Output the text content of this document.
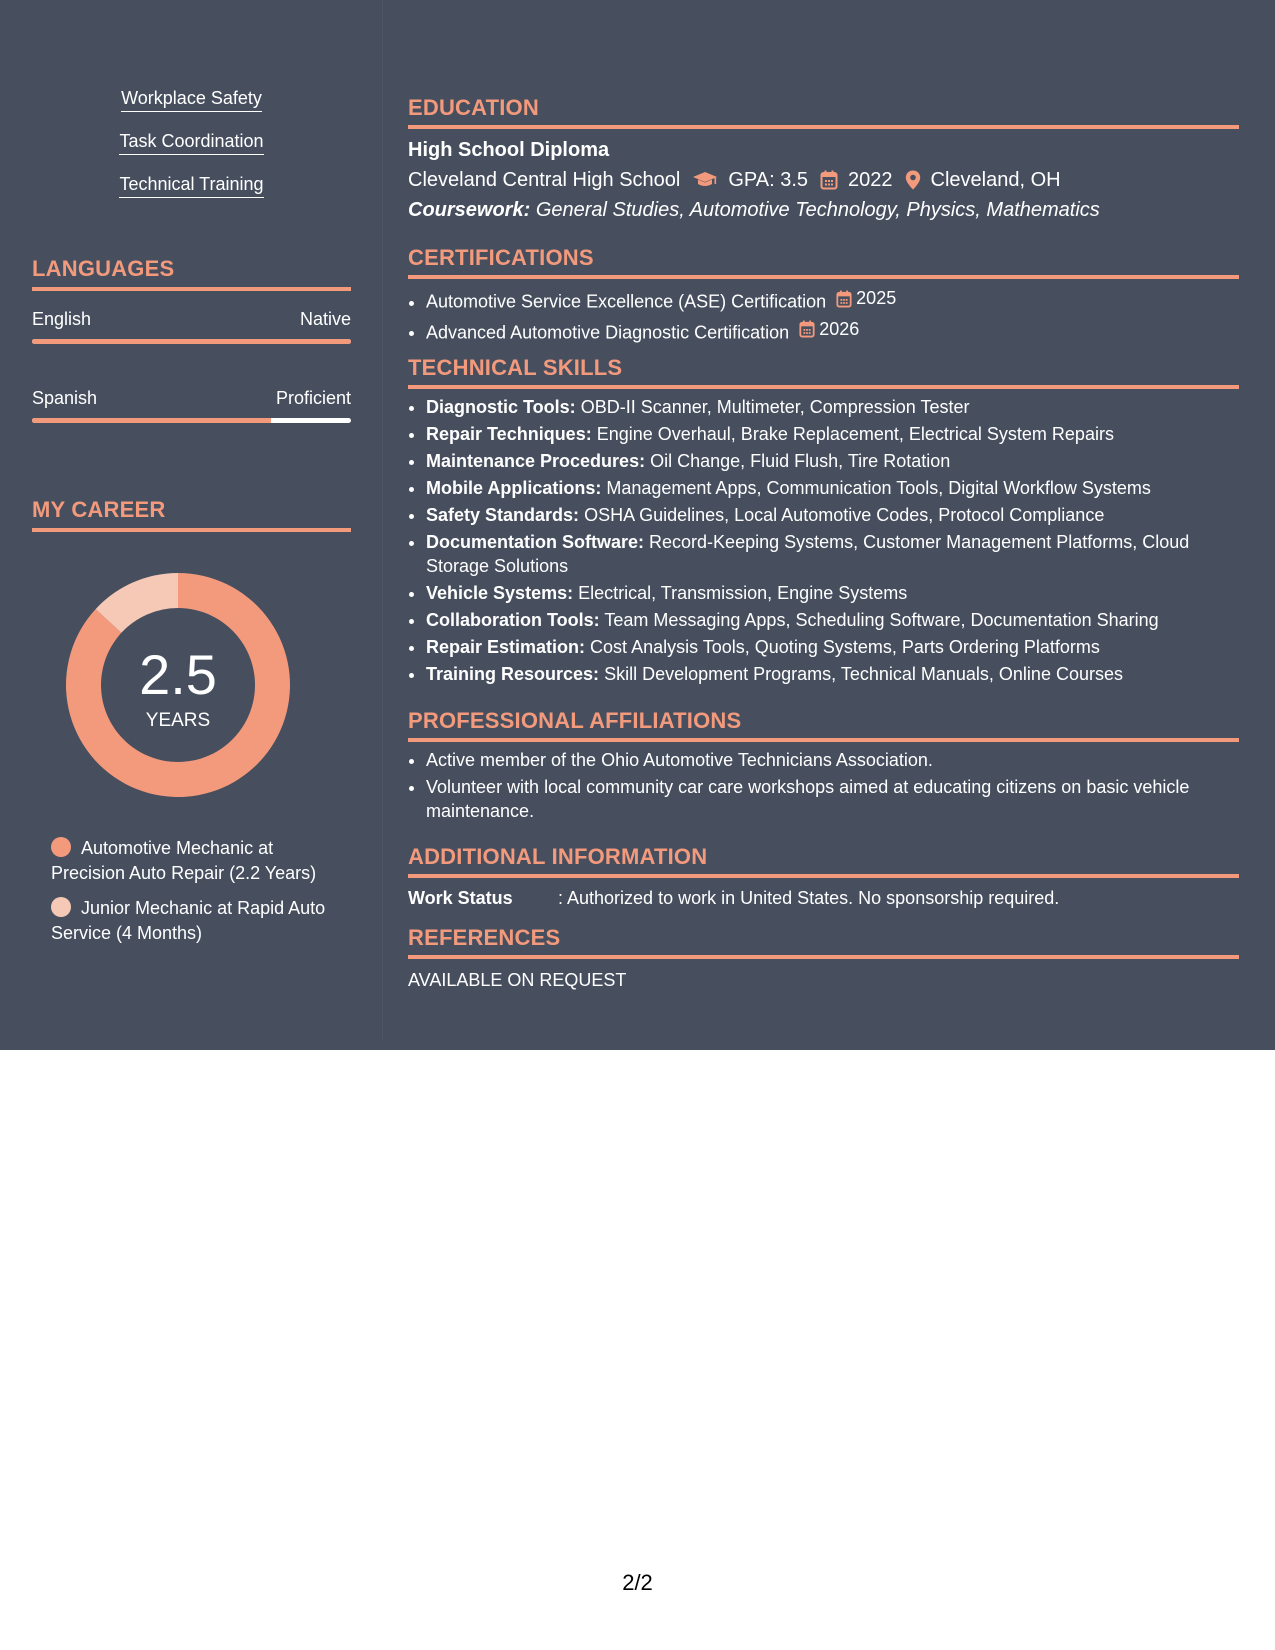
Workplace Safety
Task Coordination
Technical Training
LANGUAGES
English	Native
Spanish	Proficient
MY CAREER
2.5
YEARS
Automotive Mechanic at Precision Auto Repair (2.2 Years)
Junior Mechanic at Rapid Auto Service (4 Months)
EDUCATION
High School Diploma
Cleveland Central High School GPA: 3.5 2022 Cleveland, OH
Coursework: General Studies, Automotive Technology, Physics, Mathematics
CERTIFICATIONS
• Automotive Service Excellence (ASE) Certification 2025
• Advanced Automotive Diagnostic Certification 2026
TECHNICAL SKILLS
• Diagnostic Tools: OBD-II Scanner, Multimeter, Compression Tester
• Repair Techniques: Engine Overhaul, Brake Replacement, Electrical System Repairs
• Maintenance Procedures: Oil Change, Fluid Flush, Tire Rotation
• Mobile Applications: Management Apps, Communication Tools, Digital Workflow Systems
• Safety Standards: OSHA Guidelines, Local Automotive Codes, Protocol Compliance
• Documentation Software: Record-Keeping Systems, Customer Management Platforms, Cloud Storage Solutions
• Vehicle Systems: Electrical, Transmission, Engine Systems
• Collaboration Tools: Team Messaging Apps, Scheduling Software, Documentation Sharing
• Repair Estimation: Cost Analysis Tools, Quoting Systems, Parts Ordering Platforms
• Training Resources: Skill Development Programs, Technical Manuals, Online Courses
PROFESSIONAL AFFILIATIONS
• Active member of the Ohio Automotive Technicians Association.
• Volunteer with local community car care workshops aimed at educating citizens on basic vehicle maintenance.
ADDITIONAL INFORMATION
Work Status	: Authorized to work in United States. No sponsorship required.
REFERENCES
AVAILABLE ON REQUEST
2/2
